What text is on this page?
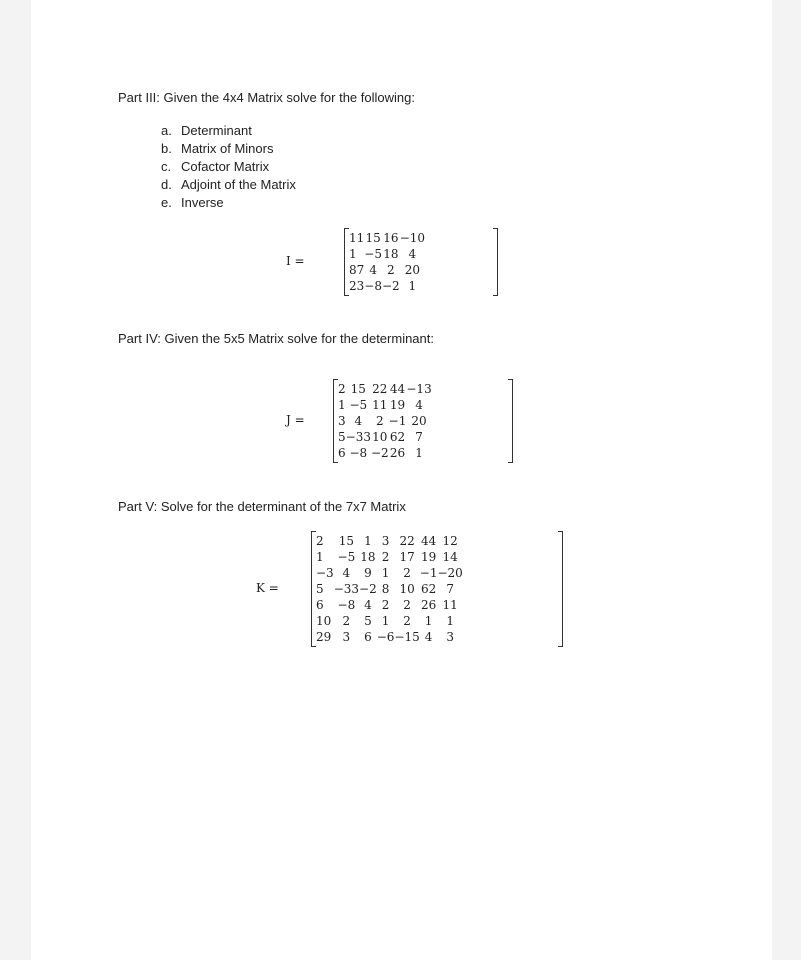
Part III: Given the 4x4 Matrix solve for the following:
a. Determinant
b. Matrix of Minors
c. Cofactor Matrix
d. Adjoint of the Matrix
e. Inverse
I =
11	15	16	−10
1	−5	18	4
87	4	2	20
23	−8	−2	1
Part IV: Given the 5x5 Matrix solve for the determinant:
J =
2	15	22	44	−13
1	−5	11	19	4
3	4	2	−1	20
5	−33	10	62	7
6	−8	−2	26	1
Part V: Solve for the determinant of the 7x7 Matrix
K =
2	15	1	3	22	44	12
1	−5	18	2	17	19	14
−3	4	9	1	2	−1	−20
5	−33	−2	8	10	62	7
6	−8	4	2	2	26	11
10	2	5	1	2	1	1
29	3	6	−6	−15	4	3
